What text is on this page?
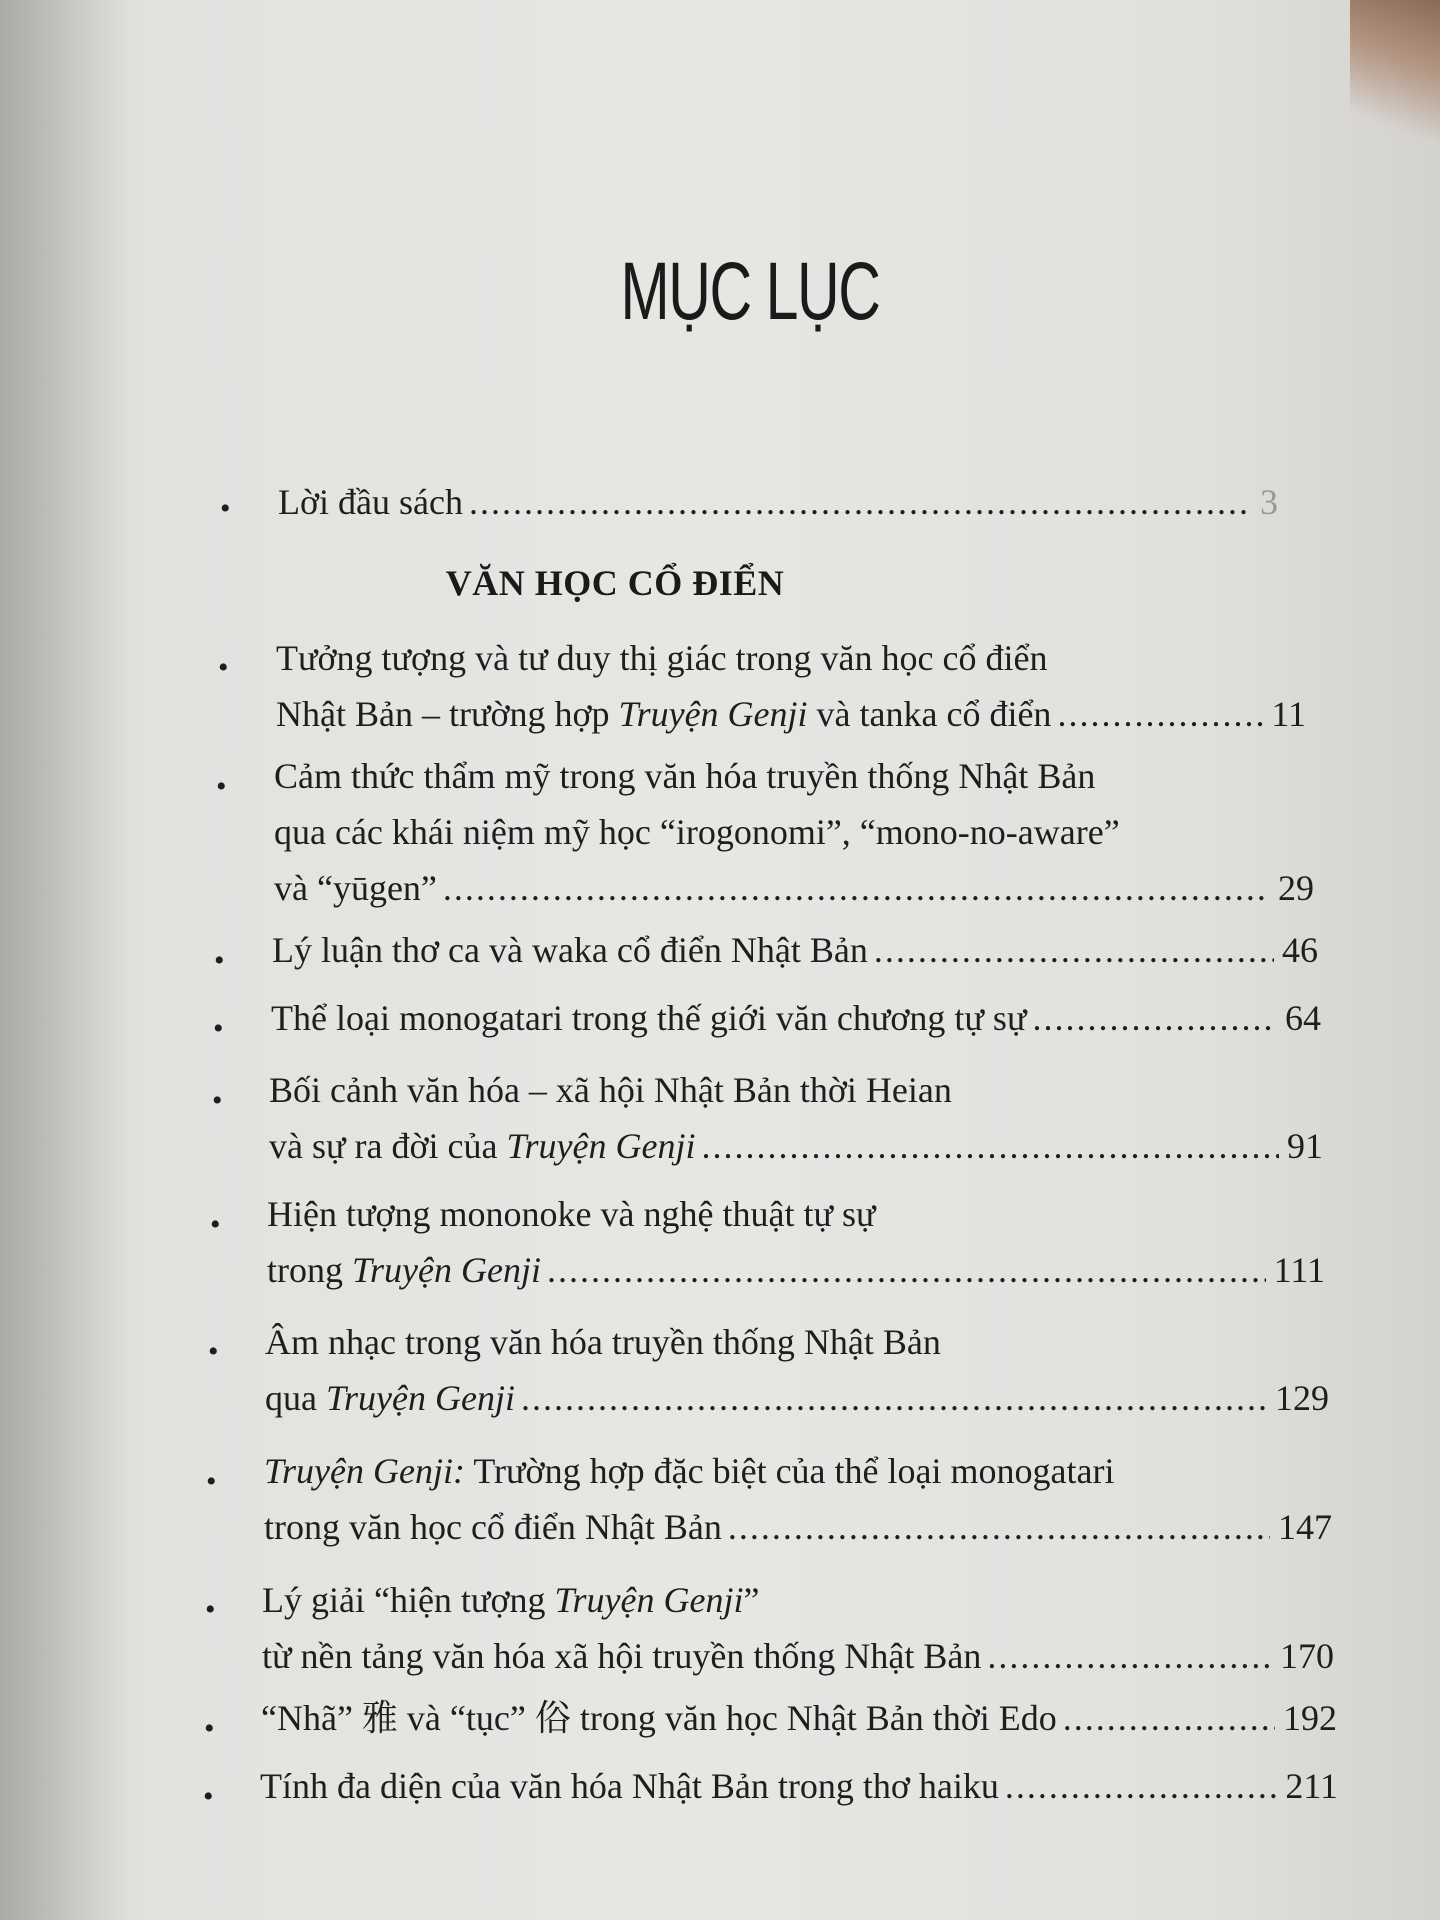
MỤC LỤC
• Lời đầu sách .....	3
VĂN HỌC CỔ ĐIỂN
• Tưởng tượng và tư duy thị giác trong văn học cổ điển
Nhật Bản – trường hợp Truyện Genji và tanka cổ điển .....	11
• Cảm thức thẩm mỹ trong văn hóa truyền thống Nhật Bản
qua các khái niệm mỹ học “irogonomi”, “mono-no-aware”
và “yūgen” .....	29
• Lý luận thơ ca và waka cổ điển Nhật Bản .....	46
• Thể loại monogatari trong thế giới văn chương tự sự .....	64
• Bối cảnh văn hóa – xã hội Nhật Bản thời Heian
và sự ra đời của Truyện Genji .....	91
• Hiện tượng mononoke và nghệ thuật tự sự
trong Truyện Genji .....	111
• Âm nhạc trong văn hóa truyền thống Nhật Bản
qua Truyện Genji .....	129
• Truyện Genji: Trường hợp đặc biệt của thể loại monogatari
trong văn học cổ điển Nhật Bản .....	147
• Lý giải “hiện tượng Truyện Genji”
từ nền tảng văn hóa xã hội truyền thống Nhật Bản .....	170
• “Nhã” 雅 và “tục” 俗 trong văn học Nhật Bản thời Edo .....	192
• Tính đa diện của văn hóa Nhật Bản trong thơ haiku .....	211
